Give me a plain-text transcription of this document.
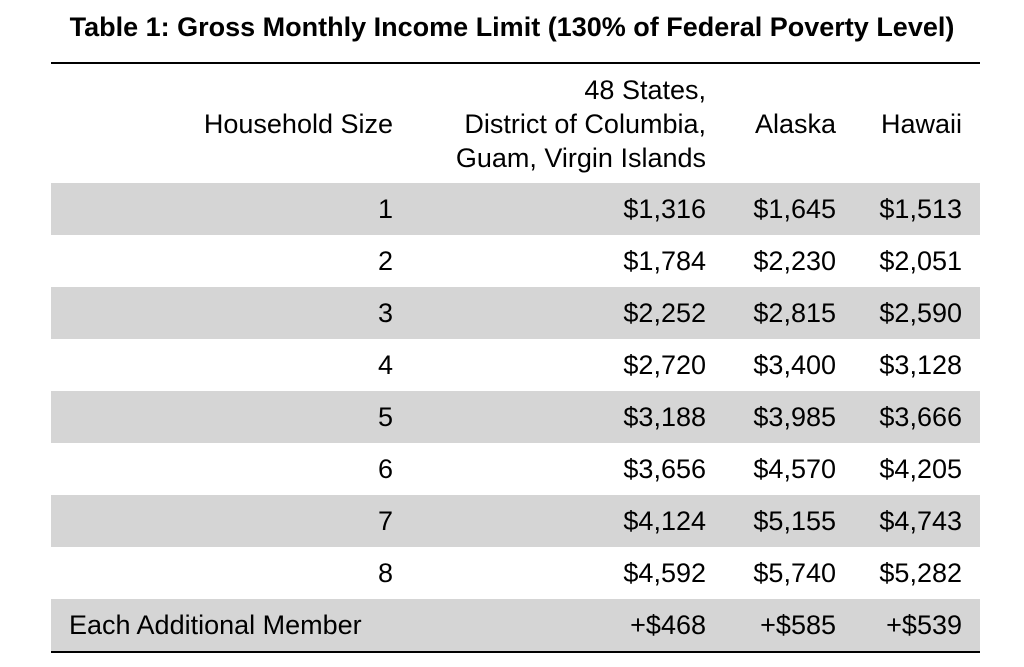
Table 1: Gross Monthly Income Limit (130% of Federal Poverty Level)
Household Size	48 States,
District of Columbia,
Guam, Virgin Islands	Alaska	Hawaii
1	$1,316	$1,645	$1,513
2	$1,784	$2,230	$2,051
3	$2,252	$2,815	$2,590
4	$2,720	$3,400	$3,128
5	$3,188	$3,985	$3,666
6	$3,656	$4,570	$4,205
7	$4,124	$5,155	$4,743
8	$4,592	$5,740	$5,282
Each Additional Member	+$468	+$585	+$539
